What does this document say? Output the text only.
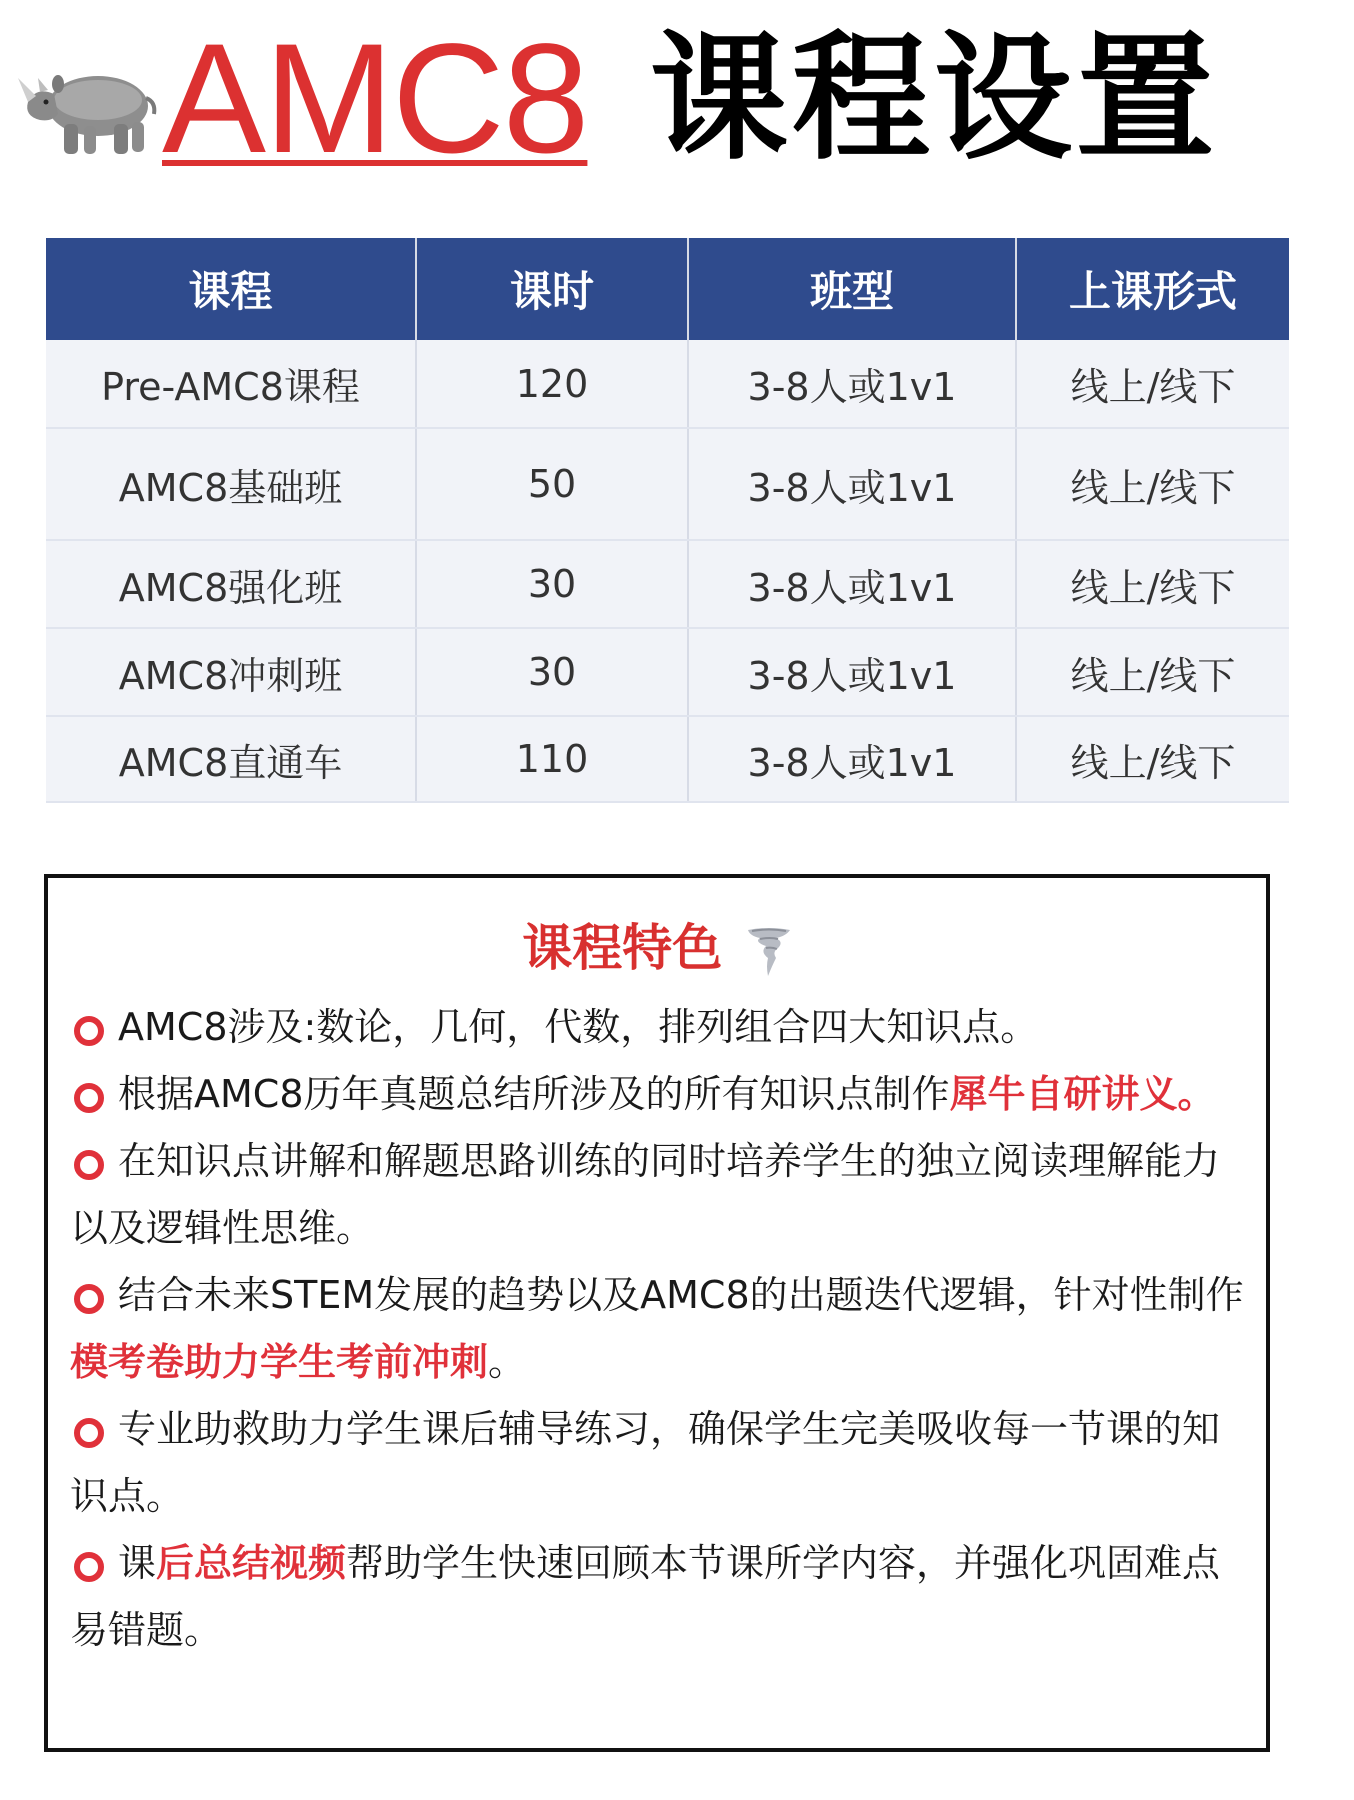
AMC8 课程设置
课程	课时	班型	上课形式
Pre-AMC8课程	120	3-8人或1v1	线上/线下
AMC8基础班	50	3-8人或1v1	线上/线下
AMC8强化班	30	3-8人或1v1	线上/线下
AMC8冲刺班	30	3-8人或1v1	线上/线下
AMC8直通车	110	3-8人或1v1	线上/线下
课程特色
AMC8涉及:数论，几何，代数，排列组合四大知识点。
根据AMC8历年真题总结所涉及的所有知识点制作犀牛自研讲义。
在知识点讲解和解题思路训练的同时培养学生的独立阅读理解能力以及逻辑性思维。
结合未来STEM发展的趋势以及AMC8的出题迭代逻辑，针对性制作模考卷助力学生考前冲刺。
专业助救助力学生课后辅导练习，确保学生完美吸收每一节课的知识点。
课后总结视频帮助学生快速回顾本节课所学内容，并强化巩固难点易错题。
